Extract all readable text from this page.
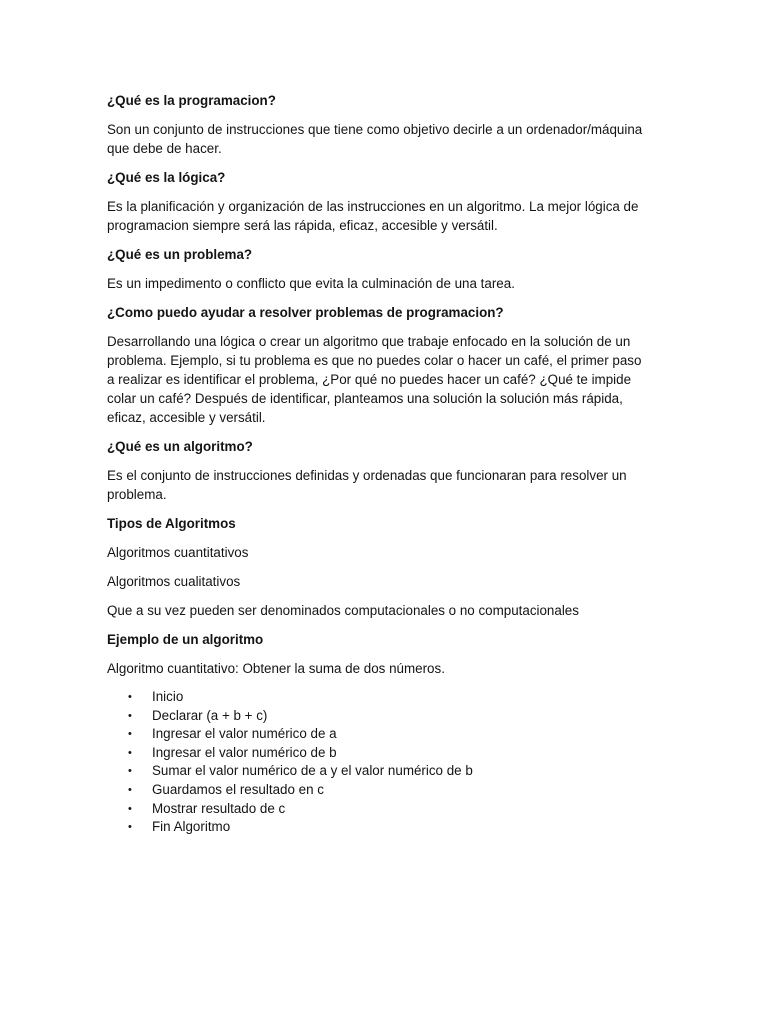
¿Qué es la programacion?

Son un conjunto de instrucciones que tiene como objetivo decirle a un ordenador/máquina que debe de hacer.

¿Qué es la lógica?

Es la planificación y organización de las instrucciones en un algoritmo. La mejor lógica de programacion siempre será las rápida, eficaz, accesible y versátil.

¿Qué es un problema?

Es un impedimento o conflicto que evita la culminación de una tarea.

¿Como puedo ayudar a resolver problemas de programacion?

Desarrollando una lógica o crear un algoritmo que trabaje enfocado en la solución de un problema. Ejemplo, si tu problema es que no puedes colar o hacer un café, el primer paso a realizar es identificar el problema, ¿Por qué no puedes hacer un café? ¿Qué te impide colar un café? Después de identificar, planteamos una solución la solución más rápida, eficaz, accesible y versátil.

¿Qué es un algoritmo?

Es el conjunto de instrucciones definidas y ordenadas que funcionaran para resolver un problema.

Tipos de Algoritmos

Algoritmos cuantitativos

Algoritmos cualitativos

Que a su vez pueden ser denominados computacionales o no computacionales

Ejemplo de un algoritmo

Algoritmo cuantitativo: Obtener la suma de dos números.

• Inicio
• Declarar (a + b + c)
• Ingresar el valor numérico de a
• Ingresar el valor numérico de b
• Sumar el valor numérico de a y el valor numérico de b
• Guardamos el resultado en c
• Mostrar resultado de c
• Fin Algoritmo
